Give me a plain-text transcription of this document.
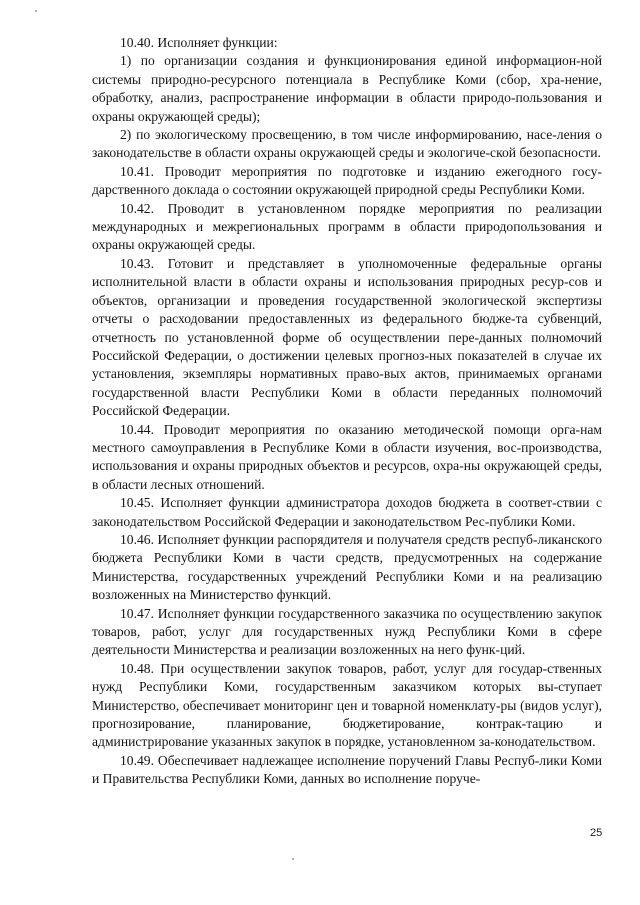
10.40. Исполняет функции:

1) по организации создания и функционирования единой информацион-ной системы природно-ресурсного потенциала в Республике Коми (сбор, хра-нение, обработку, анализ, распространение информации в области природо-пользования и охраны окружающей среды);

2) по экологическому просвещению, в том числе информированию, насе-ления о законодательстве в области охраны окружающей среды и экологиче-ской безопасности.

10.41. Проводит мероприятия по подготовке и изданию ежегодного госу-дарственного доклада о состоянии окружающей природной среды Республики Коми.

10.42. Проводит в установленном порядке мероприятия по реализации международных и межрегиональных программ в области природопользования и охраны окружающей среды.

10.43. Готовит и представляет в уполномоченные федеральные органы исполнительной власти в области охраны и использования природных ресур-сов и объектов, организации и проведения государственной экологической экспертизы отчеты о расходовании предоставленных из федерального бюдже-та субвенций, отчетность по установленной форме об осуществлении пере-данных полномочий Российской Федерации, о достижении целевых прогноз-ных показателей в случае их установления, экземпляры нормативных право-вых актов, принимаемых органами государственной власти Республики Коми в области переданных полномочий Российской Федерации.

10.44. Проводит мероприятия по оказанию методической помощи орга-нам местного самоуправления в Республике Коми в области изучения, вос-производства, использования и охраны природных объектов и ресурсов, охра-ны окружающей среды, в области лесных отношений.

10.45. Исполняет функции администратора доходов бюджета в соответ-ствии с законодательством Российской Федерации и законодательством Рес-публики Коми.

10.46. Исполняет функции распорядителя и получателя средств респуб-ликанского бюджета Республики Коми в части средств, предусмотренных на содержание Министерства, государственных учреждений Республики Коми и на реализацию возложенных на Министерство функций.

10.47. Исполняет функции государственного заказчика по осуществлению закупок товаров, работ, услуг для государственных нужд Республики Коми в сфере деятельности Министерства и реализации возложенных на него функ-ций.

10.48. При осуществлении закупок товаров, работ, услуг для государ-ственных нужд Республики Коми, государственным заказчиком которых вы-ступает Министерство, обеспечивает мониторинг цен и товарной номенклату-ры (видов услуг), прогнозирование, планирование, бюджетирование, контрак-тацию и администрирование указанных закупок в порядке, установленном за-конодательством.

10.49. Обеспечивает надлежащее исполнение поручений Главы Респуб-лики Коми и Правительства Республики Коми, данных во исполнение поруче-

25
